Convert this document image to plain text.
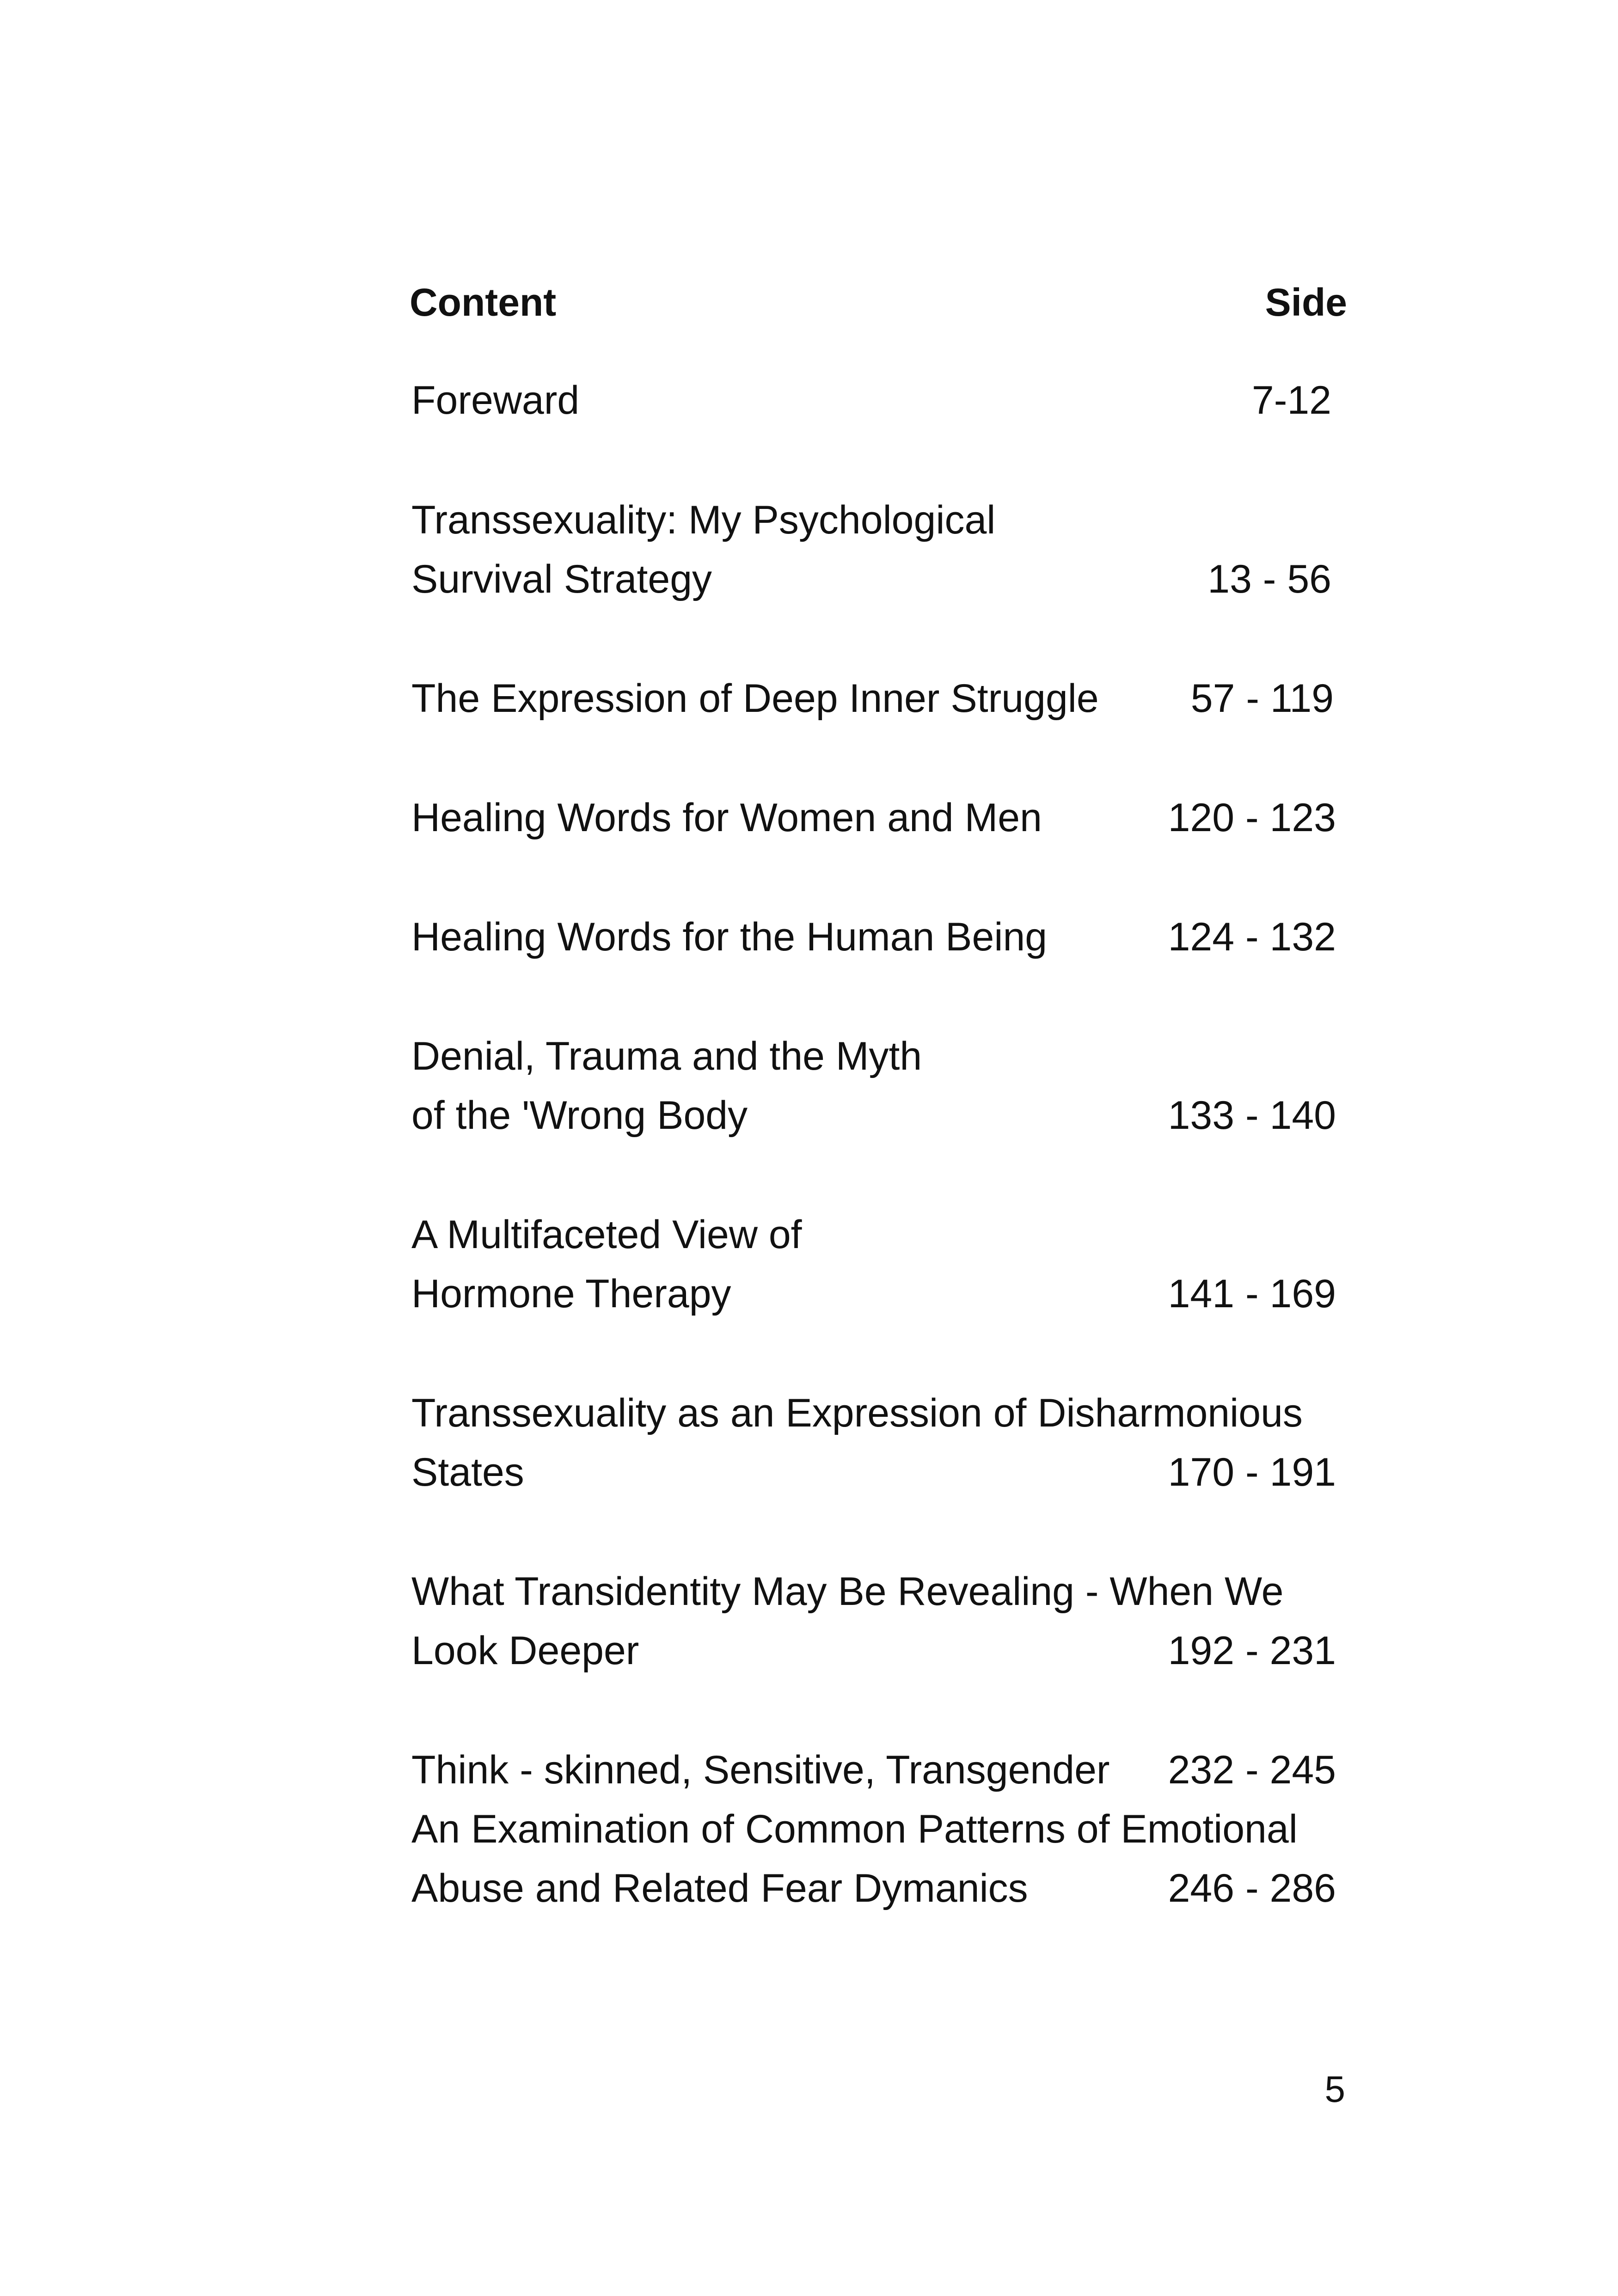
Content	Side
Foreward	7-12
Transsexuality: My Psychological
Survival Strategy	13 - 56
The Expression of Deep Inner Struggle	57 - 119
Healing Words for Women and Men	120 - 123
Healing Words for the Human Being	124 - 132
Denial, Trauma and the Myth
of the 'Wrong Body	133 - 140
A Multifaceted View of
Hormone Therapy	141 - 169
Transsexuality as an Expression of Disharmonious
States	170 - 191
What Transidentity May Be Revealing - When We
Look Deeper	192 - 231
Think - skinned, Sensitive, Transgender	232 - 245
An Examination of Common Patterns of Emotional
Abuse and Related Fear Dymanics	246 - 286
5
